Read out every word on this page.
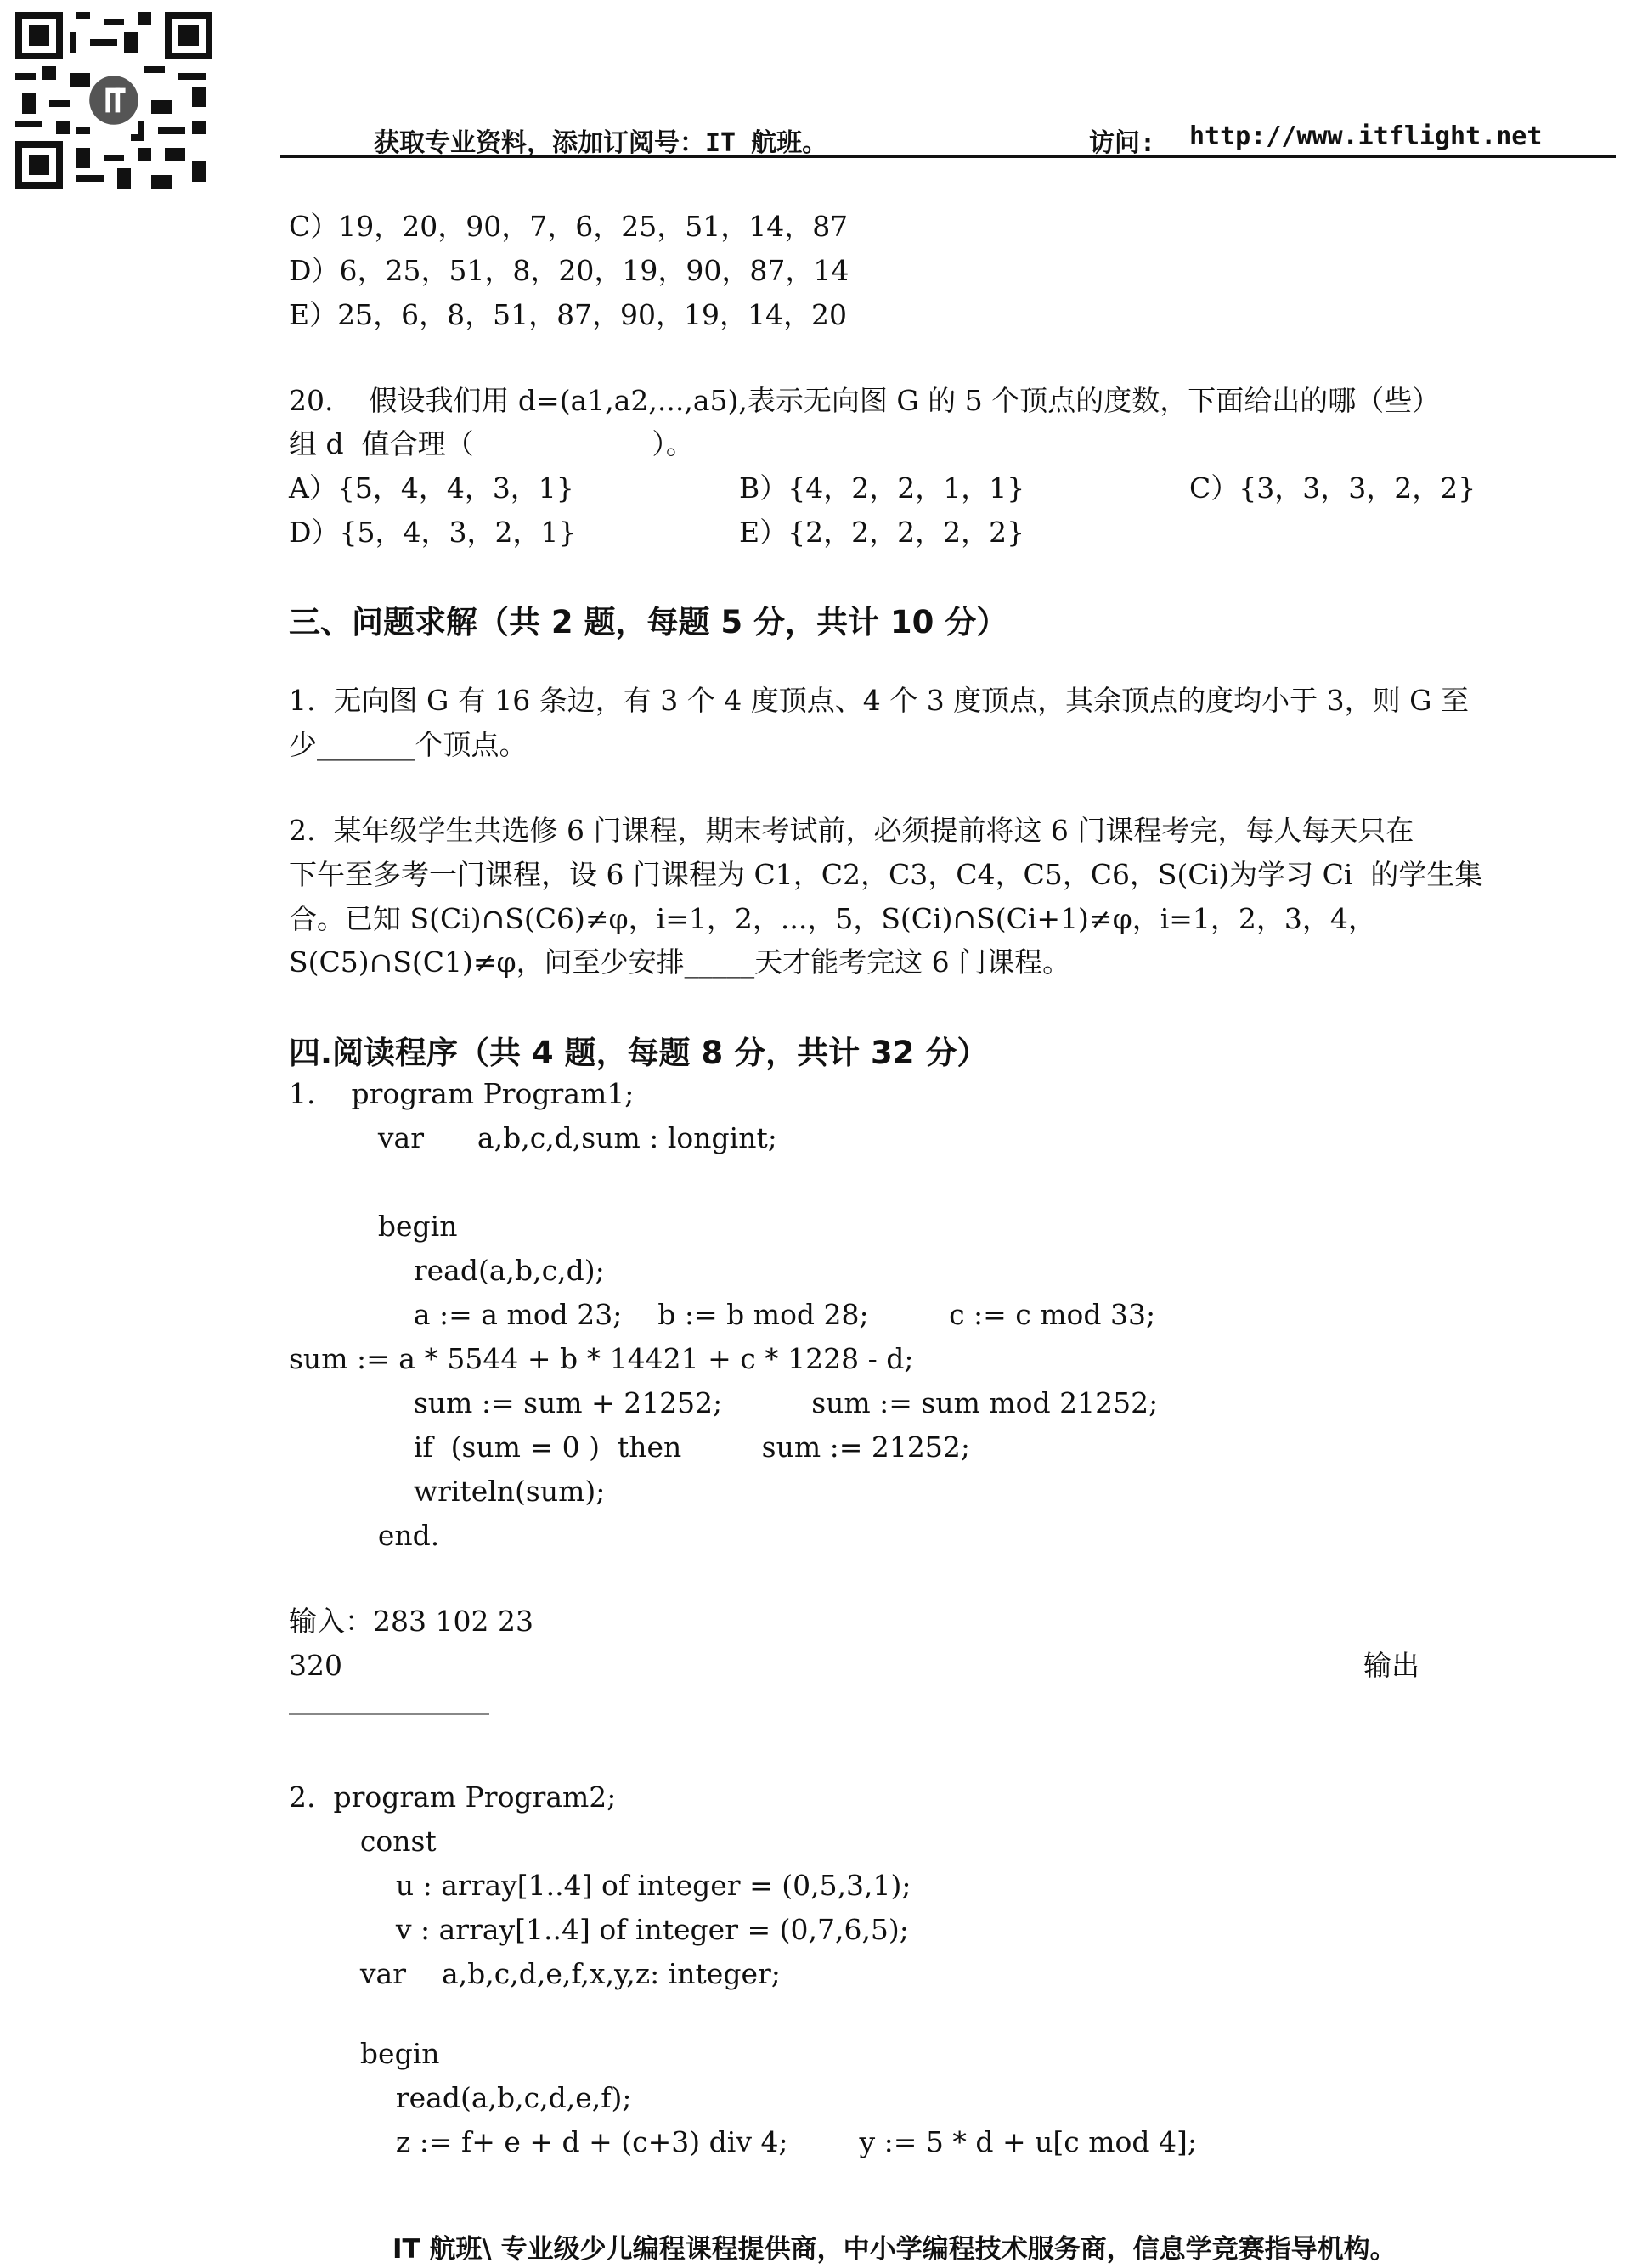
获取专业资料，添加订阅号：IT 航班。	访问: http://www.itflight.net
C）19，20，90，7，6，25，51，14，87
D）6，25，51，8，20，19，90，87，14
E）25，6，8，51，87，90，19，14，20
20.    假设我们用 d=(a1,a2,...,a5),表示无向图 G 的 5 个顶点的度数，下面给出的哪（些）
组 d  值合理（                    ）。
A）{5，4，4，3，1}	B）{4，2，2，1，1}	C）{3，3，3，2，2}
D）{5，4，3，2，1}	E）{2，2，2，2，2}
三、问题求解（共 2 题，每题 5 分，共计 10 分）
1.  无向图 G 有 16 条边，有 3 个 4 度顶点、4 个 3 度顶点，其余顶点的度均小于 3，则 G 至
少_______个顶点。
2.  某年级学生共选修 6 门课程，期末考试前，必须提前将这 6 门课程考完，每人每天只在
下午至多考一门课程，设 6 门课程为 C1，C2，C3，C4，C5，C6，S(Ci)为学习 Ci  的学生集
合。已知 S(Ci)∩S(C6)≠φ，i=1，2，...，5，S(Ci)∩S(Ci+1)≠φ，i=1，2，3，4，
S(C5)∩S(C1)≠φ，问至少安排_____天才能考完这 6 门课程。
四.阅读程序（共 4 题，每题 8 分，共计 32 分）
1.    program Program1;
var      a,b,c,d,sum : longint;
begin
read(a,b,c,d);
a := a mod 23;    b := b mod 28;         c := c mod 33;
sum := a * 5544 + b * 14421 + c * 1228 - d;
sum := sum + 21252;          sum := sum mod 21252;
if  (sum = 0 )  then         sum := 21252;
writeln(sum);
end.
输入：283 102 23
320	输出
2.  program Program2;
const
u : array[1..4] of integer = (0,5,3,1);
v : array[1..4] of integer = (0,7,6,5);
var    a,b,c,d,e,f,x,y,z: integer;
begin
read(a,b,c,d,e,f);
z := f+ e + d + (c+3) div 4;        y := 5 * d + u[c mod 4];
IT 航班\ 专业级少儿编程课程提供商，中小学编程技术服务商，信息学竞赛指导机构。
